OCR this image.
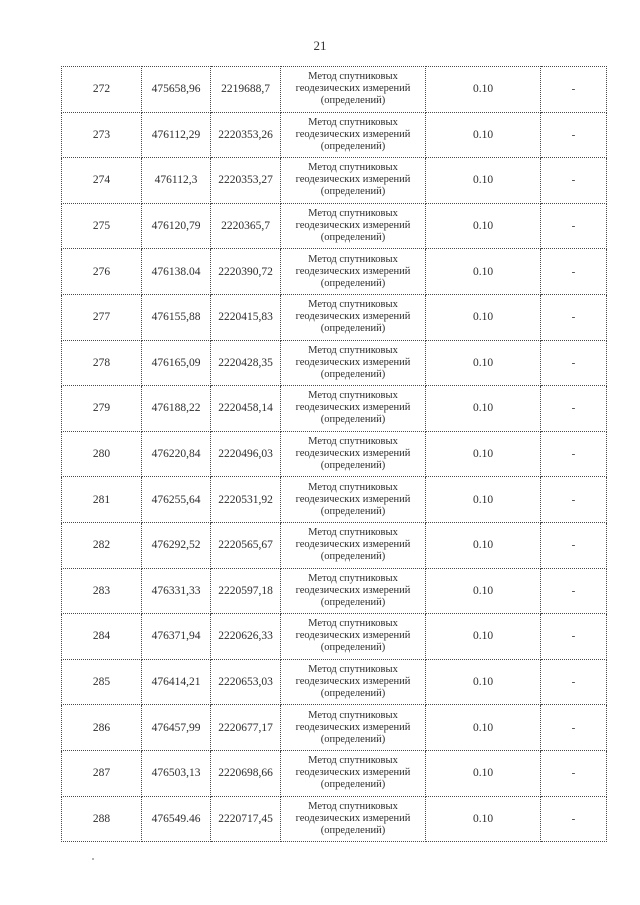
21
272	475658,96	2219688,7	Метод спутниковых
геодезических измерений
(определений)	0.10	-
273	476112,29	2220353,26	Метод спутниковых
геодезических измерений
(определений)	0.10	-
274	476112,3	2220353,27	Метод спутниковых
геодезических измерений
(определений)	0.10	-
275	476120,79	2220365,7	Метод спутниковых
геодезических измерений
(определений)	0.10	-
276	476138.04	2220390,72	Метод спутниковых
геодезических измерений
(определений)	0.10	-
277	476155,88	2220415,83	Метод спутниковых
геодезических измерений
(определений)	0.10	-
278	476165,09	2220428,35	Метод спутниковых
геодезических измерений
(определений)	0.10	-
279	476188,22	2220458,14	Метод спутниковых
геодезических измерений
(определений)	0.10	-
280	476220,84	2220496,03	Метод спутниковых
геодезических измерений
(определений)	0.10	-
281	476255,64	2220531,92	Метод спутниковых
геодезических измерений
(определений)	0.10	-
282	476292,52	2220565,67	Метод спутниковых
геодезических измерений
(определений)	0.10	-
283	476331,33	2220597,18	Метод спутниковых
геодезических измерений
(определений)	0.10	-
284	476371,94	2220626,33	Метод спутниковых
геодезических измерений
(определений)	0.10	-
285	476414,21	2220653,03	Метод спутниковых
геодезических измерений
(определений)	0.10	-
286	476457,99	2220677,17	Метод спутниковых
геодезических измерений
(определений)	0.10	-
287	476503,13	2220698,66	Метод спутниковых
геодезических измерений
(определений)	0.10	-
288	476549.46	2220717,45	Метод спутниковых
геодезических измерений
(определений)	0.10	-
